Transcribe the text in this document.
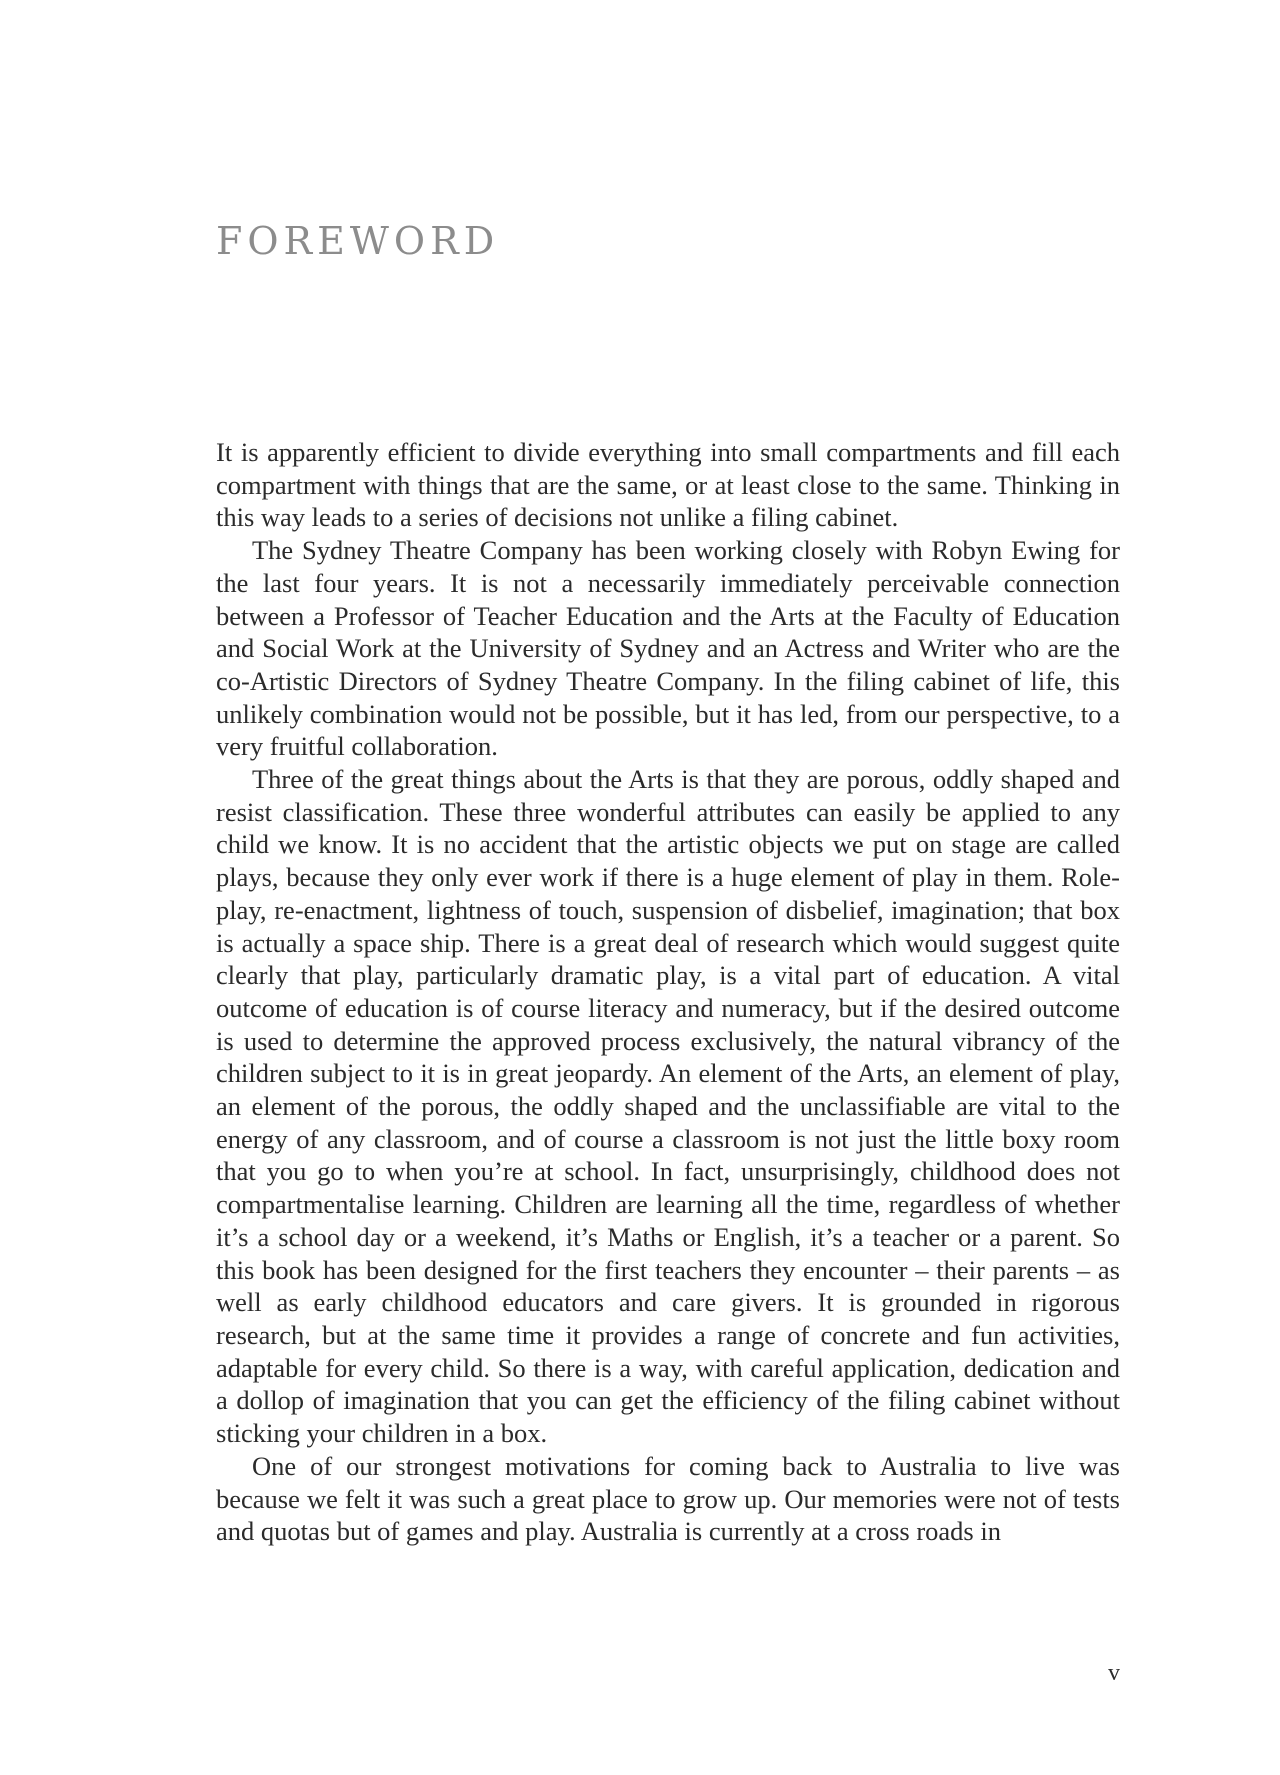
FOREWORD

It is apparently efficient to divide everything into small compartments and fill each compartment with things that are the same, or at least close to the same. Thinking in this way leads to a series of decisions not unlike a filing cabinet.

The Sydney Theatre Company has been working closely with Robyn Ewing for the last four years. It is not a necessarily immediately perceivable connection between a Professor of Teacher Education and the Arts at the Faculty of Education and Social Work at the University of Sydney and an Actress and Writer who are the co-Artistic Directors of Sydney Theatre Company. In the filing cabinet of life, this unlikely combination would not be possible, but it has led, from our perspective, to a very fruitful collaboration.

Three of the great things about the Arts is that they are porous, oddly shaped and resist classification. These three wonderful attributes can easily be applied to any child we know. It is no accident that the artistic objects we put on stage are called plays, because they only ever work if there is a huge element of play in them. Role-play, re-enactment, lightness of touch, suspension of disbelief, imagination; that box is actually a space ship. There is a great deal of research which would suggest quite clearly that play, particularly dramatic play, is a vital part of education. A vital outcome of education is of course literacy and numeracy, but if the desired outcome is used to determine the approved process exclusively, the natural vibrancy of the children subject to it is in great jeopardy. An element of the Arts, an element of play, an element of the porous, the oddly shaped and the unclassifiable are vital to the energy of any classroom, and of course a classroom is not just the little boxy room that you go to when you’re at school. In fact, unsurprisingly, childhood does not compartmentalise learning. Children are learning all the time, regardless of whether it’s a school day or a weekend, it’s Maths or English, it’s a teacher or a parent. So this book has been designed for the first teachers they encounter – their parents – as well as early childhood educators and care givers. It is grounded in rigorous research, but at the same time it provides a range of concrete and fun activities, adaptable for every child. So there is a way, with careful application, dedication and a dollop of imagination that you can get the efficiency of the filing cabinet without sticking your children in a box.

One of our strongest motivations for coming back to Australia to live was because we felt it was such a great place to grow up. Our memories were not of tests and quotas but of games and play. Australia is currently at a cross roads in

v
